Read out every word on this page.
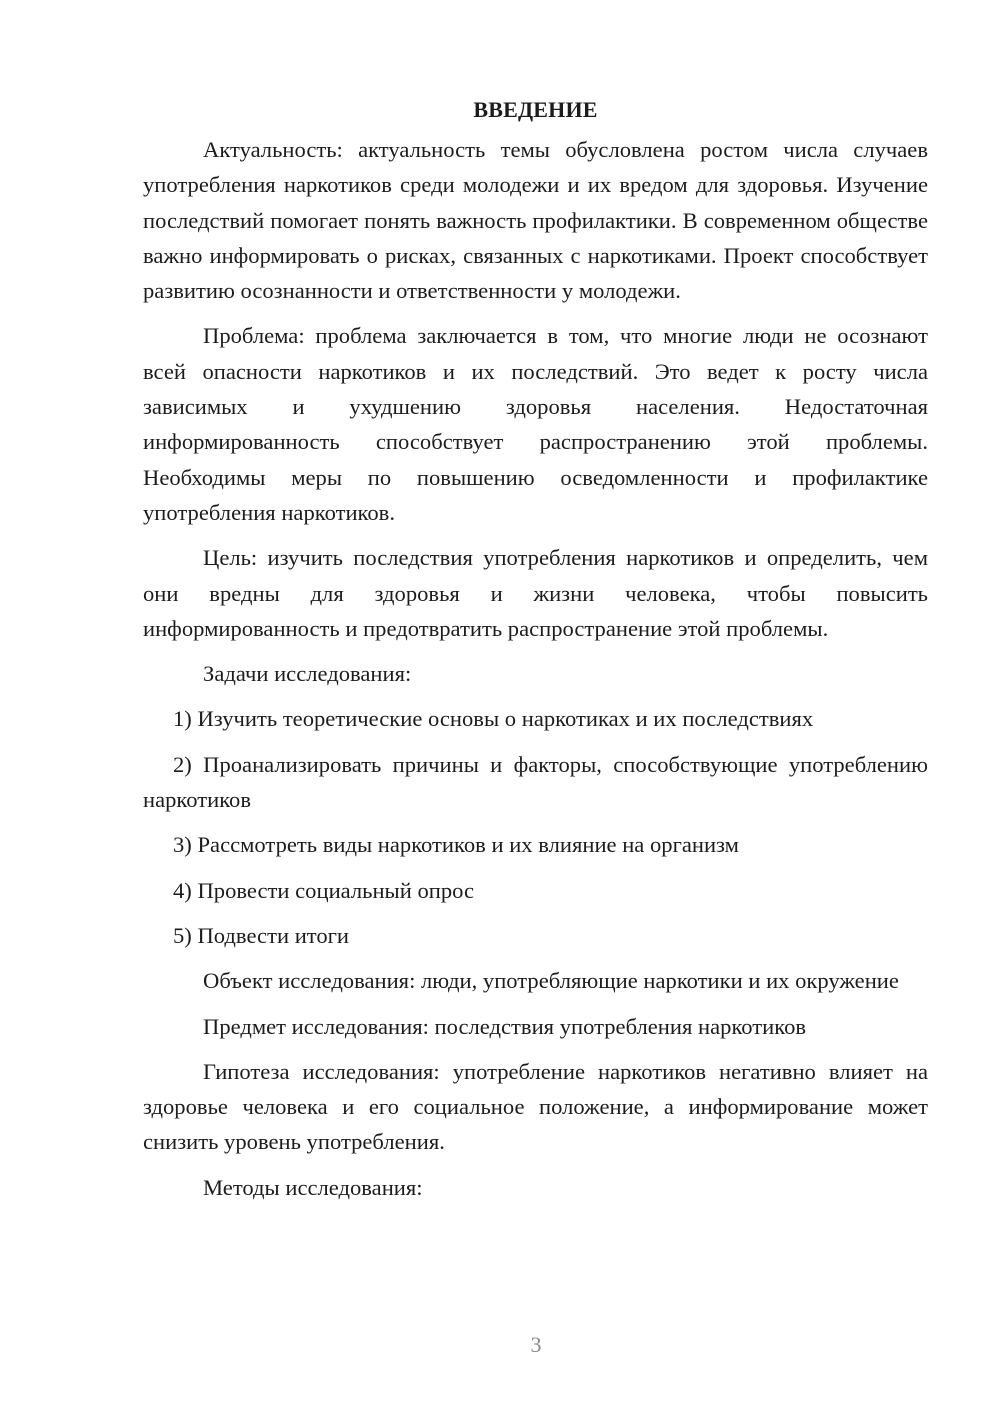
ВВЕДЕНИЕ

Актуальность: актуальность темы обусловлена ростом числа случаев употребления наркотиков среди молодежи и их вредом для здоровья. Изучение последствий помогает понять важность профилактики. В современном обществе важно информировать о рисках, связанных с наркотиками. Проект способствует развитию осознанности и ответственности у молодежи.

Проблема: проблема заключается в том, что многие люди не осознают всей опасности наркотиков и их последствий. Это ведет к росту числа зависимых и ухудшению здоровья населения. Недостаточная информированность способствует распространению этой проблемы. Необходимы меры по повышению осведомленности и профилактике употребления наркотиков.

Цель: изучить последствия употребления наркотиков и определить, чем они вредны для здоровья и жизни человека, чтобы повысить информированность и предотвратить распространение этой проблемы.

Задачи исследования:

1) Изучить теоретические основы о наркотиках и их последствиях

2) Проанализировать причины и факторы, способствующие употреблению наркотиков

3) Рассмотреть виды наркотиков и их влияние на организм

4) Провести социальный опрос

5) Подвести итоги

Объект исследования: люди, употребляющие наркотики и их окружение

Предмет исследования: последствия употребления наркотиков

Гипотеза исследования: употребление наркотиков негативно влияет на здоровье человека и его социальное положение, а информирование может снизить уровень употребления.

Методы исследования:

3
